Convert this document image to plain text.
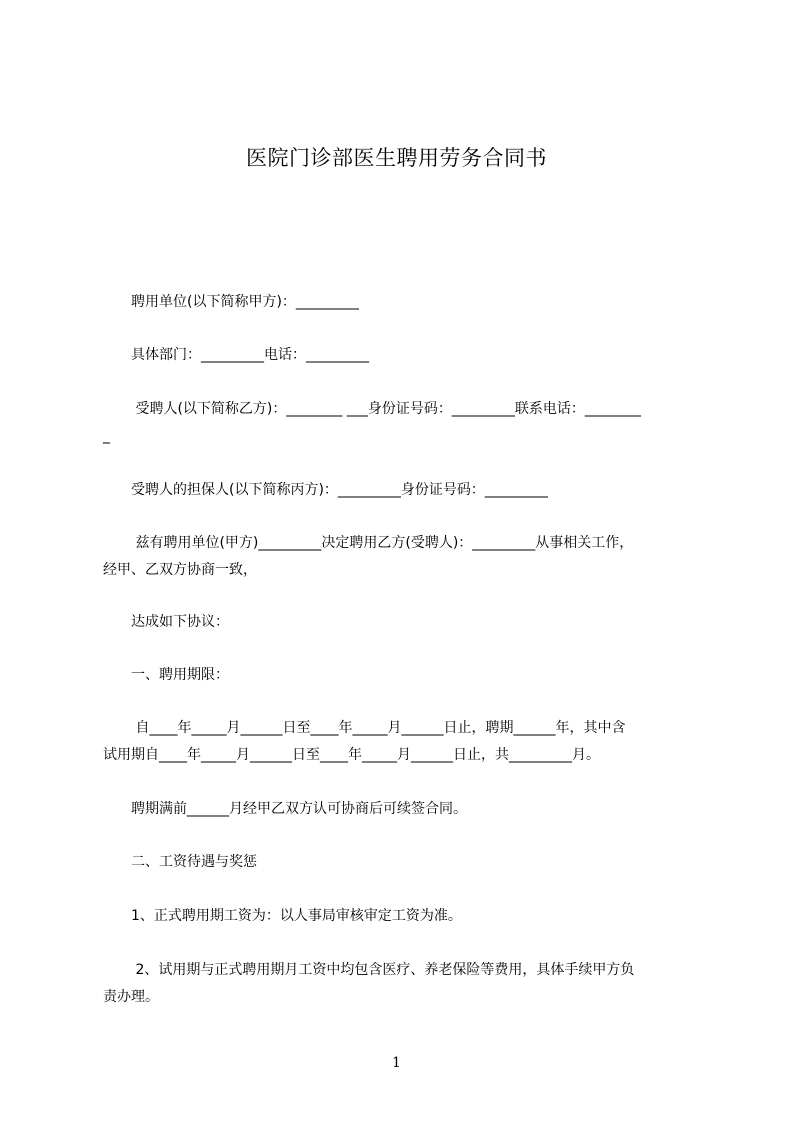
医院门诊部医生聘用劳务合同书
　　聘用单位(以下简称甲方)：_________
　　具体部门：_________电话：_________
　　 受聘人(以下简称乙方)：________ ___身份证号码：_________联系电话：________
_
　　受聘人的担保人(以下简称丙方)：_________身份证号码：_________
　　 兹有聘用单位(甲方)_________决定聘用乙方(受聘人)：_________从事相关工作，
经甲、乙双方协商一致，
　　达成如下协议：
　　一、聘用期限：
　　 自____年_____月______日至____年_____月______日止，聘期______年，其中含
试用期自____年_____月______日至____年_____月______日止，共_________月。
　　聘期满前______月经甲乙双方认可协商后可续签合同。
　　二、工资待遇与奖惩
　　1、正式聘用期工资为：以人事局审核审定工资为准。
　　 2、试用期与正式聘用期月工资中均包含医疗、养老保险等费用，具体手续甲方负
责办理。
1
